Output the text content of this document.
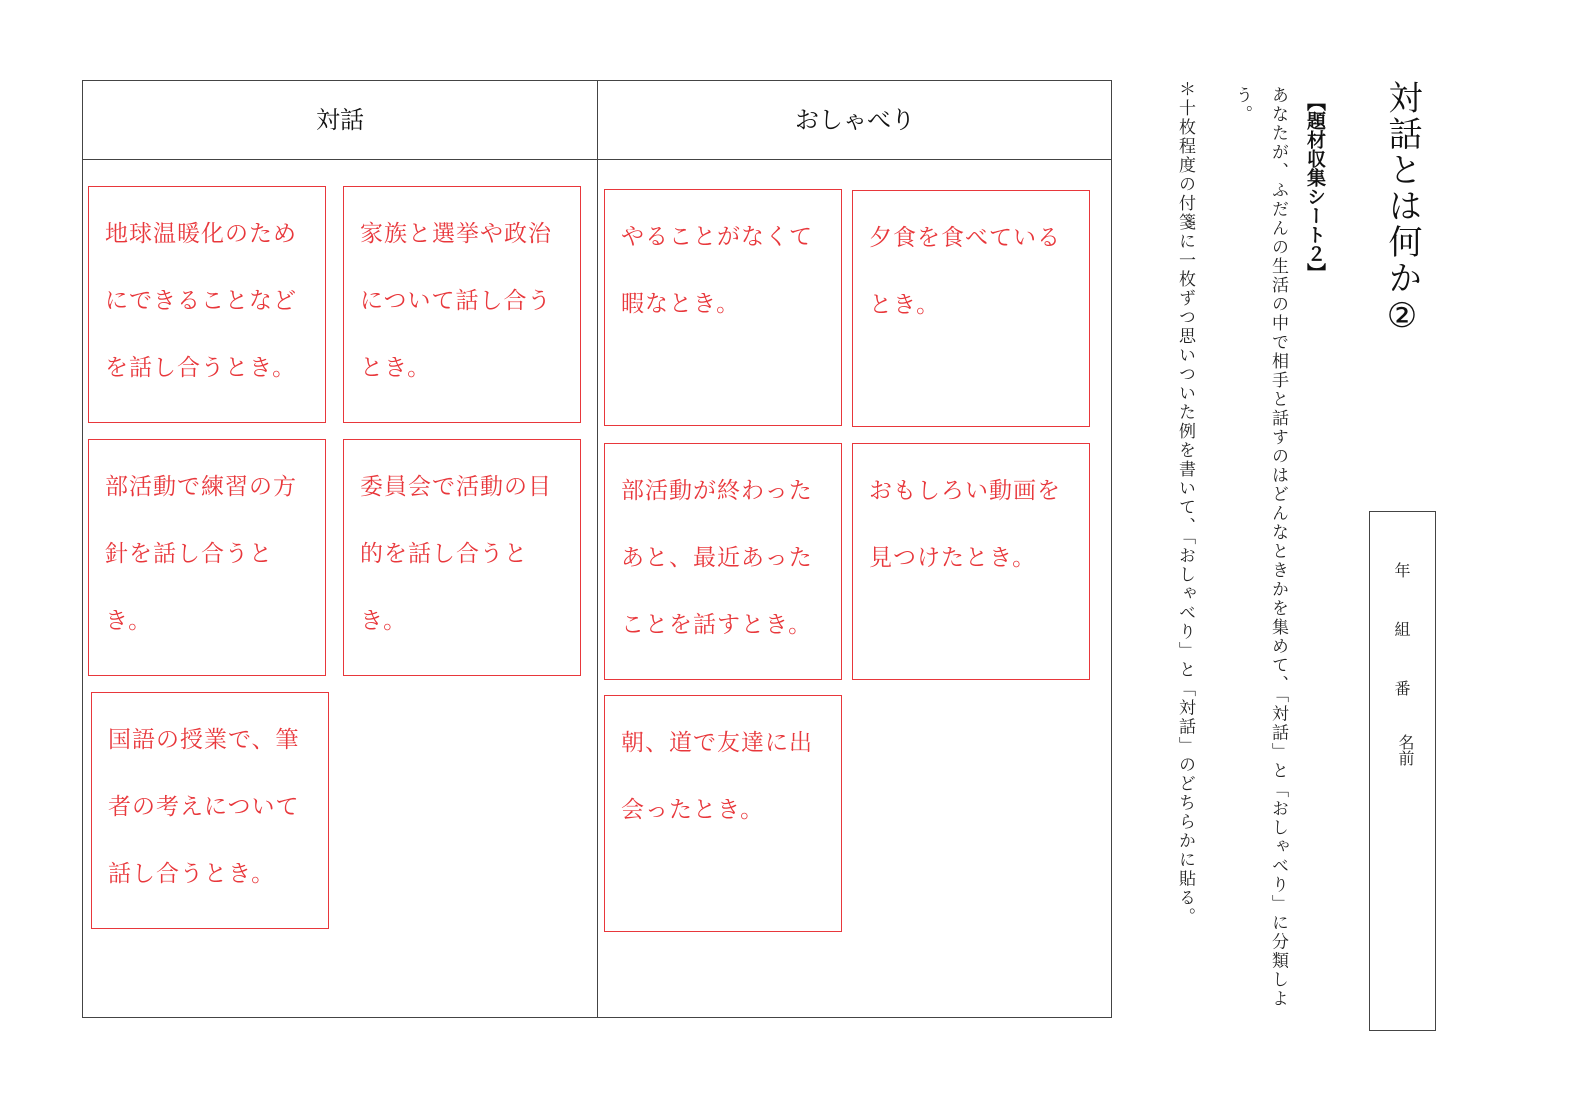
対話	おしゃべり
地球温暖化のためにできることなどを話し合うとき。
家族と選挙や政治について話し合うとき。
部活動で練習の方針を話し合うとき。
委員会で活動の目的を話し合うとき。
国語の授業で、筆者の考えについて話し合うとき。
やることがなくて暇なとき。
夕食を食べているとき。
部活動が終わったあと、最近あったことを話すとき。
おもしろい動画を見つけたとき。
朝、道で友達に出会ったとき。
対話とは何か②
【題材収集シート２】
あなたが、ふだんの生活の中で相手と話すのはどんなときかを集めて、「対話」と「おしゃべり」に分類しよう。
＊十枚程度の付箋に一枚ずつ思いついた例を書いて、「おしゃべり」と「対話」のどちらかに貼る。	年
組
番
名前
